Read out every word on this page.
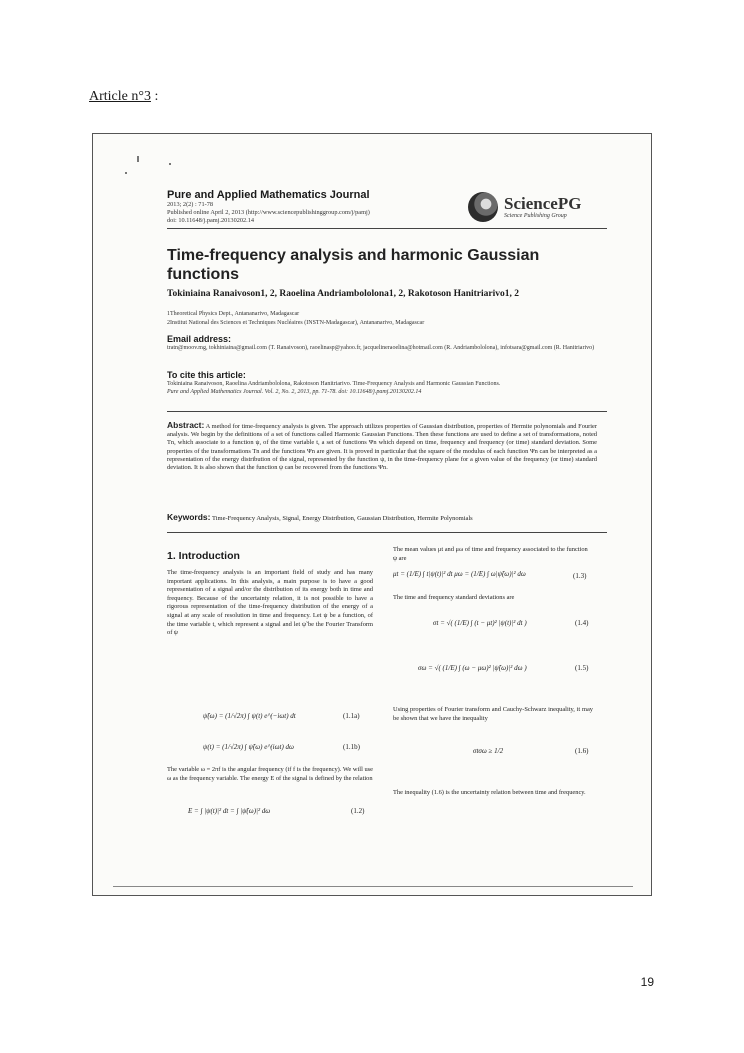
Article n°3 :
Pure and Applied Mathematics Journal
2013; 2(2) : 71-78
Published online April 2, 2013 (http://www.sciencepublishinggroup.com/j/pamj)
doi: 10.11648/j.pamj.20130202.14
SciencePG
Science Publishing Group
Time-frequency analysis and harmonic Gaussian functions
Tokiniaina Ranaivoson1, 2, Raoelina Andriambololona1, 2, Rakotoson Hanitriarivo1, 2
1Theoretical Physics Dept., Antananarivo, Madagascar
2Institut National des Sciences et Techniques Nucléaires (INSTN-Madagascar), Antananarivo, Madagascar
Email address:
tratn@moov.mg, tokhiniaina@gmail.com (T. Ranaivoson), raoelinasp@yahoo.fr, jacquelineraoelina@hotmail.com (R. Andriambololona), infotsara@gmail.com (R. Hanitriarivo)
To cite this article:
Tokiniaina Ranaivoson, Raoelina Andriambololona, Rakotoson Hanitriarivo. Time-Frequency Analysis and Harmonic Gaussian Functions.
Pure and Applied Mathematics Journal. Vol. 2, No. 2, 2013, pp. 71-78. doi: 10.11648/j.pamj.20130202.14
Abstract: A method for time-frequency analysis is given. The approach utilizes properties of Gaussian distribution, properties of Hermite polynomials and Fourier analysis. We begin by the definitions of a set of functions called Harmonic Gaussian Functions. Then these functions are used to define a set of transformations, noted Tn, which associate to a function ψ, of the time variable t, a set of functions Ψn which depend on time, frequency and frequency (or time) standard deviation. Some properties of the transformations Tn and the functions Ψn are given. It is proved in particular that the square of the modulus of each function Ψn can be interpreted as a representation of the energy distribution of the signal, represented by the function ψ, in the time-frequency plane for a given value of the frequency (or time) standard deviation. It is also shown that the function ψ can be recovered from the functions Ψn.
Keywords: Time-Frequency Analysis, Signal, Energy Distribution, Gaussian Distribution, Hermite Polynomials
1. Introduction
The time-frequency analysis is an important field of study and has many important applications. In this analysis, a main purpose is to have a good representation of a signal and/or the distribution of its energy both in time and frequency. Because of the uncertainty relation, it is not possible to have a rigorous representation of the time-frequency distribution of the energy of a signal at any scale of resolution in time and frequency. Let ψ be a function, of the time variable t, which represent a signal and let ψ̃ be the Fourier Transform of ψ
ψ̃(ω) = (1/√2π) ∫ ψ(t) e^(−iωt) dt	(1.1a)
ψ(t) = (1/√2π) ∫ ψ̃(ω) e^(iωt) dω	(1.1b)
The variable ω = 2πf is the angular frequency (if f is the frequency). We will use ω as the frequency variable. The energy E of the signal is defined by the relation
E = ∫ |ψ(t)|² dt = ∫ |ψ̃(ω)|² dω	(1.2)
The mean values μt and μω of time and frequency associated to the function ψ are
μt = (1/E) ∫ t|ψ(t)|² dt μω = (1/E) ∫ ω|ψ̃(ω)|² dω	(1.3)
The time and frequency standard deviations are
σt = √( (1/E) ∫ (t − μt)² |ψ(t)|² dt )	(1.4)
σω = √( (1/E) ∫ (ω − μω)² |ψ̃(ω)|² dω )	(1.5)
Using properties of Fourier transform and Cauchy-Schwarz inequality, it may be shown that we have the inequality
σtσω ≥ 1/2	(1.6)
The inequality (1.6) is the uncertainty relation between time and frequency.
19
